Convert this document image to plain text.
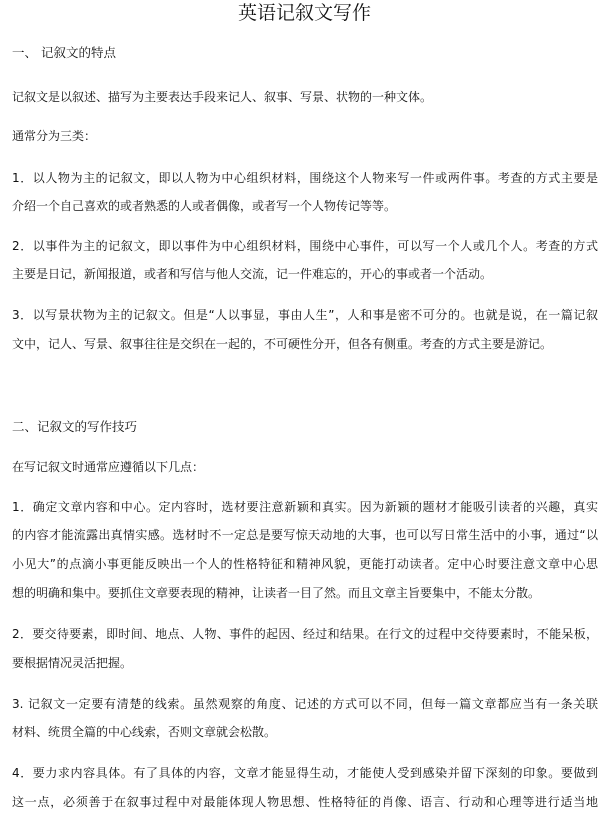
英语记叙文写作
一、 记叙文的特点
记叙文是以叙述、描写为主要表达手段来记人、叙事、写景、状物的一种文体。
通常分为三类：
1．以人物为主的记叙文，即以人物为中心组织材料，围绕这个人物来写一件或两件事。考查的方式主要是
介绍一个自己喜欢的或者熟悉的人或者偶像，或者写一个人物传记等等。
2．以事件为主的记叙文，即以事件为中心组织材料，围绕中心事件，可以写一个人或几个人。考查的方式
主要是日记，新闻报道，或者和写信与他人交流，记一件难忘的，开心的事或者一个活动。
3．以写景状物为主的记叙文。但是“人以事显，事由人生”，人和事是密不可分的。也就是说，在一篇记叙
文中，记人、写景、叙事往往是交织在一起的，不可硬性分开，但各有侧重。考查的方式主要是游记。
二、记叙文的写作技巧
在写记叙文时通常应遵循以下几点：
1．确定文章内容和中心。定内容时，选材要注意新颖和真实。因为新颖的题材才能吸引读者的兴趣，真实
的内容才能流露出真情实感。选材时不一定总是要写惊天动地的大事，也可以写日常生活中的小事，通过“以
小见大”的点滴小事更能反映出一个人的性格特征和精神风貌，更能打动读者。定中心时要注意文章中心思
想的明确和集中。要抓住文章要表现的精神，让读者一目了然。而且文章主旨要集中，不能太分散。
2．要交待要素，即时间、地点、人物、事件的起因、经过和结果。在行文的过程中交待要素时，不能呆板，
要根据情况灵活把握。
3. 记叙文一定要有清楚的线索。虽然观察的角度、记述的方式可以不同，但每一篇文章都应当有一条关联
材料、统贯全篇的中心线索，否则文章就会松散。
4．要力求内容具体。有了具体的内容，文章才能显得生动，才能使人受到感染并留下深刻的印象。要做到
这一点，必须善于在叙事过程中对最能体现人物思想、性格特征的肖像、语言、行动和心理等进行适当地
